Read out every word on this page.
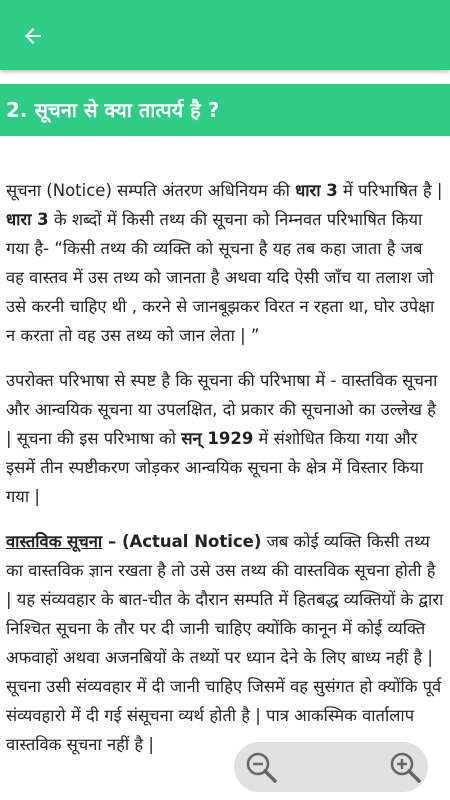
2. सूचना से क्या तात्पर्य है ?

सूचना (Notice) सम्पति अंतरण अधिनियम की धारा 3 में परिभाषित है | धारा 3 के शब्दों में किसी तथ्य की सूचना को निम्नवत परिभाषित किया गया है- “किसी तथ्य की व्यक्ति को सूचना है यह तब कहा जाता है जब वह वास्तव में उस तथ्य को जानता है अथवा यदि ऐसी जाँच या तलाश जो उसे करनी चाहिए थी , करने से जानबूझकर विरत न रहता था, घोर उपेक्षा न करता तो वह उस तथ्य को जान लेता | ”

उपरोक्त परिभाषा से स्पष्ट है कि सूचना की परिभाषा में - वास्तविक सूचना और आन्वयिक सूचना या उपलक्षित, दो प्रकार की सूचनाओ का उल्लेख है | सूचना की इस परिभाषा को सन् 1929 में संशोधित किया गया और इसमें तीन स्पष्टीकरण जोड़कर आन्वयिक सूचना के क्षेत्र में विस्तार किया गया |

वास्तविक सूचना – (Actual Notice) जब कोई व्यक्ति किसी तथ्य का वास्तविक ज्ञान रखता है तो उसे उस तथ्य की वास्तविक सूचना होती है | यह संव्यवहार के बात-चीत के दौरान सम्पति में हितबद्ध व्यक्तियों के द्वारा निश्चित सूचना के तौर पर दी जानी चाहिए क्योंकि कानून में कोई व्यक्ति अफवाहों अथवा अजनबियों के तथ्यों पर ध्यान देने के लिए बाध्य नहीं है | सूचना उसी संव्यवहार में दी जानी चाहिए जिसमें वह सुसंगत हो क्योंकि पूर्व संव्यवहारो में दी गई संसूचना व्यर्थ होती है | पात्र आकस्मिक वार्तालाप वास्तविक सूचना नहीं है |
